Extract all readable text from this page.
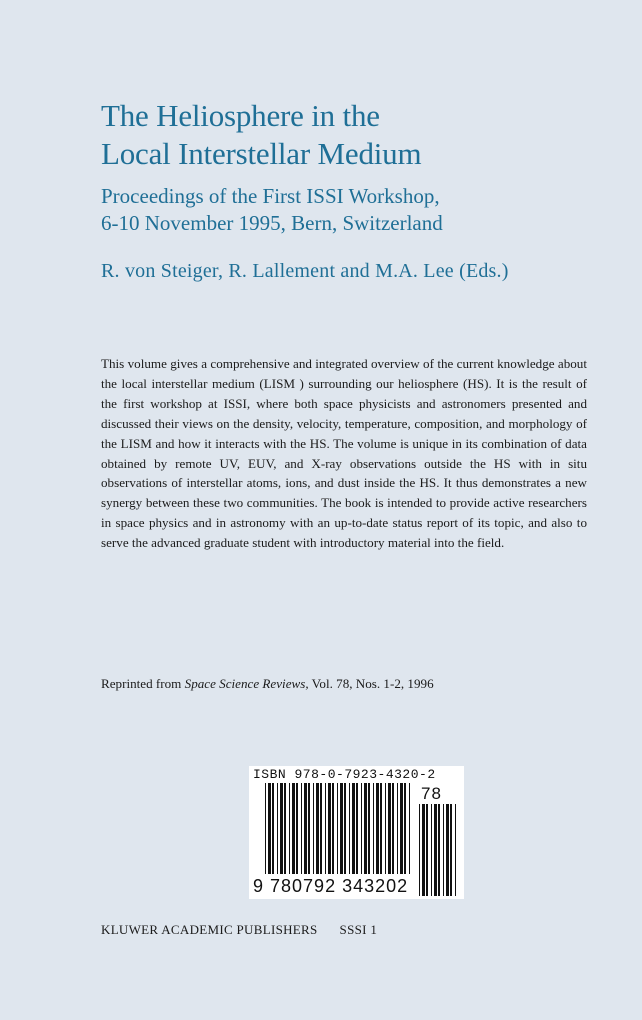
The Heliosphere in the

Local Interstellar Medium

Proceedings of the First ISSI Workshop,

6-10 November 1995, Bern, Switzerland

R. von Steiger, R. Lallement and M.A. Lee (Eds.)

This volume gives a comprehensive and integrated overview of the current knowledge about the local interstellar medium (LISM ) surrounding our heliosphere (HS). It is the result of the first workshop at ISSI, where both space physicists and astronomers presented and discussed their views on the density, velocity, temperature, composition, and morphology of the LISM and how it interacts with the HS. The volume is unique in its combination of data obtained by remote UV, EUV, and X-ray observations outside the HS with in situ observations of interstellar atoms, ions, and dust inside the HS. It thus demonstrates a new synergy between these two communities. The book is intended to provide active researchers in space physics and in astronomy with an up-to-date status report of its topic, and also to serve the advanced graduate student with introductory material into the field.

Reprinted from Space Science Reviews, Vol. 78, Nos. 1-2, 1996
ISBN 978-0-7923-4320-2
78
9 780792 343202
KLUWER ACADEMIC PUBLISHERS SSSI 1
